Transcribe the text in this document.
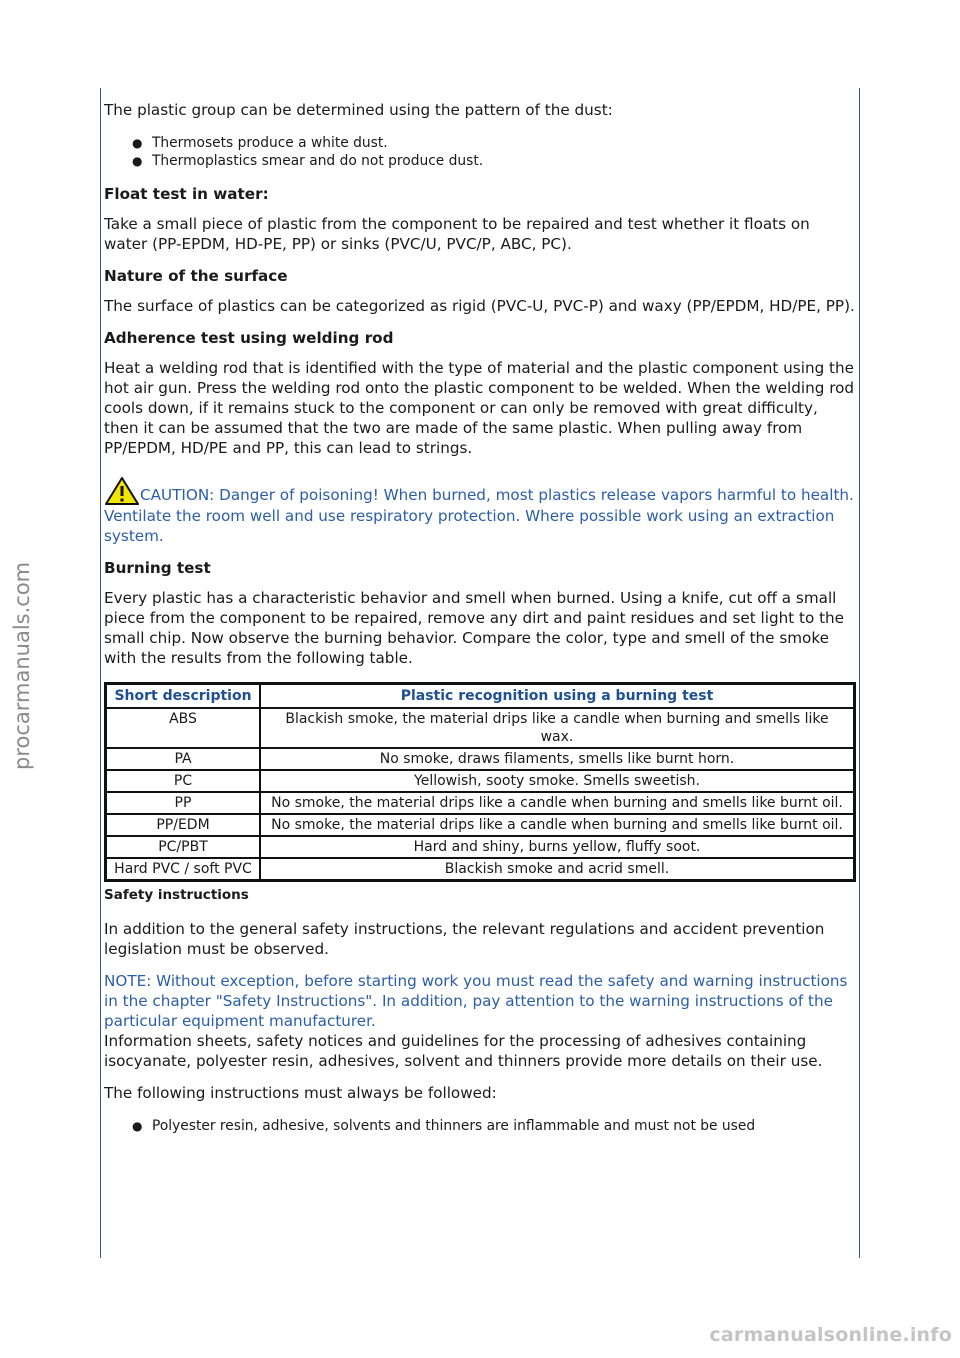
procarmanuals.com
carmanualsonline.info

The plastic group can be determined using the pattern of the dust:

● Thermosets produce a white dust.
● Thermoplastics smear and do not produce dust.

Float test in water:

Take a small piece of plastic from the component to be repaired and test whether it floats on water (PP-EPDM, HD-PE, PP) or sinks (PVC/U, PVC/P, ABC, PC).

Nature of the surface

The surface of plastics can be categorized as rigid (PVC-U, PVC-P) and waxy (PP/EPDM, HD/PE, PP).

Adherence test using welding rod

Heat a welding rod that is identified with the type of material and the plastic component using the hot air gun. Press the welding rod onto the plastic component to be welded. When the welding rod cools down, if it remains stuck to the component or can only be removed with great difficulty, then it can be assumed that the two are made of the same plastic. When pulling away from PP/EPDM, HD/PE and PP, this can lead to strings.

CAUTION: Danger of poisoning! When burned, most plastics release vapors harmful to health. Ventilate the room well and use respiratory protection. Where possible work using an extraction system.

Burning test

Every plastic has a characteristic behavior and smell when burned. Using a knife, cut off a small piece from the component to be repaired, remove any dirt and paint residues and set light to the small chip. Now observe the burning behavior. Compare the color, type and smell of the smoke with the results from the following table.

Short description	Plastic recognition using a burning test
ABS	Blackish smoke, the material drips like a candle when burning and smells like wax.
PA	No smoke, draws filaments, smells like burnt horn.
PC	Yellowish, sooty smoke. Smells sweetish.
PP	No smoke, the material drips like a candle when burning and smells like burnt oil.
PP/EDM	No smoke, the material drips like a candle when burning and smells like burnt oil.
PC/PBT	Hard and shiny, burns yellow, fluffy soot.
Hard PVC / soft PVC	Blackish smoke and acrid smell.

Safety instructions

In addition to the general safety instructions, the relevant regulations and accident prevention legislation must be observed.

NOTE: Without exception, before starting work you must read the safety and warning instructions in the chapter "Safety Instructions". In addition, pay attention to the warning instructions of the particular equipment manufacturer.

Information sheets, safety notices and guidelines for the processing of adhesives containing isocyanate, polyester resin, adhesives, solvent and thinners provide more details on their use.

The following instructions must always be followed:

● Polyester resin, adhesive, solvents and thinners are inflammable and must not be used
